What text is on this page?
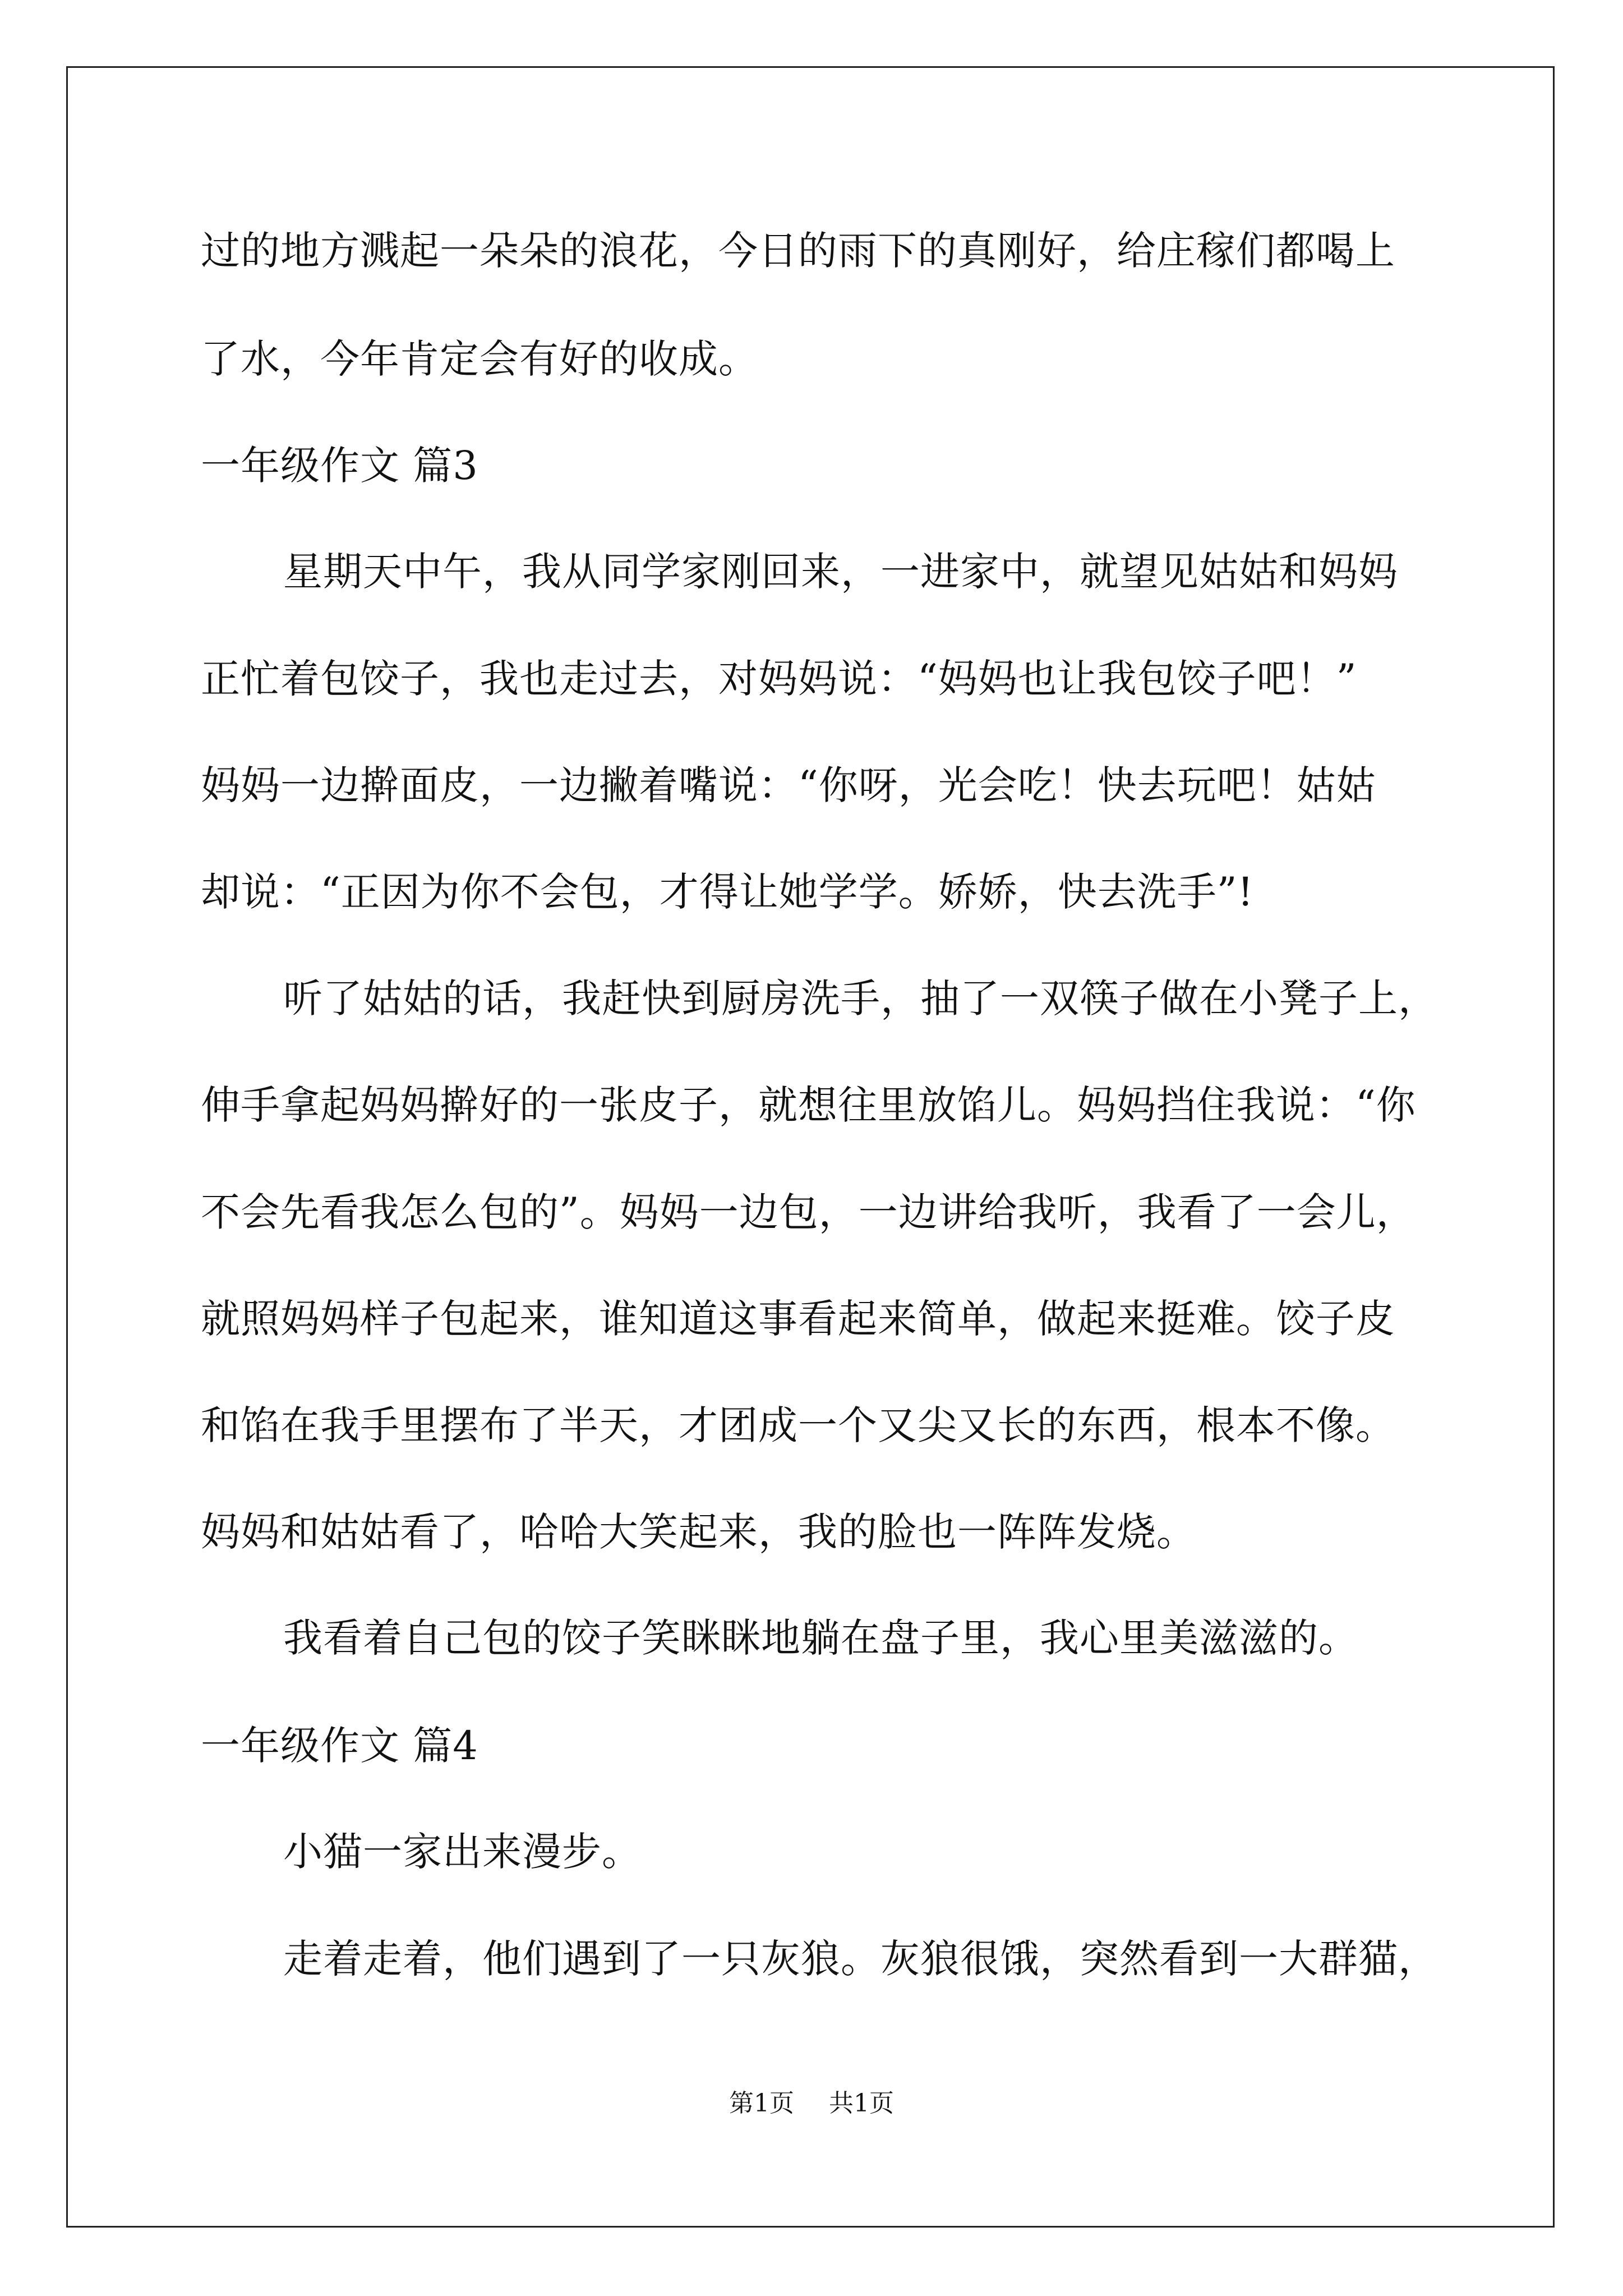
过的地方溅起一朵朵的浪花，今日的雨下的真刚好，给庄稼们都喝上
了水，今年肯定会有好的收成。
一年级作文 篇3
星期天中午，我从同学家刚回来，一进家中，就望见姑姑和妈妈
正忙着包饺子，我也走过去，对妈妈说：“妈妈也让我包饺子吧！”
妈妈一边擀面皮，一边撇着嘴说：“你呀，光会吃！快去玩吧！姑姑
却说：“正因为你不会包，才得让她学学。娇娇，快去洗手”!
听了姑姑的话，我赶快到厨房洗手，抽了一双筷子做在小凳子上，
伸手拿起妈妈擀好的一张皮子，就想往里放馅儿。妈妈挡住我说：“你
不会先看我怎么包的”。妈妈一边包，一边讲给我听，我看了一会儿，
就照妈妈样子包起来，谁知道这事看起来简单，做起来挺难。饺子皮
和馅在我手里摆布了半天，才团成一个又尖又长的东西，根本不像。
妈妈和姑姑看了，哈哈大笑起来，我的脸也一阵阵发烧。
我看着自己包的饺子笑眯眯地躺在盘子里，我心里美滋滋的。
一年级作文 篇4
小猫一家出来漫步。
走着走着，他们遇到了一只灰狼。灰狼很饿，突然看到一大群猫，
第1页 共1页
